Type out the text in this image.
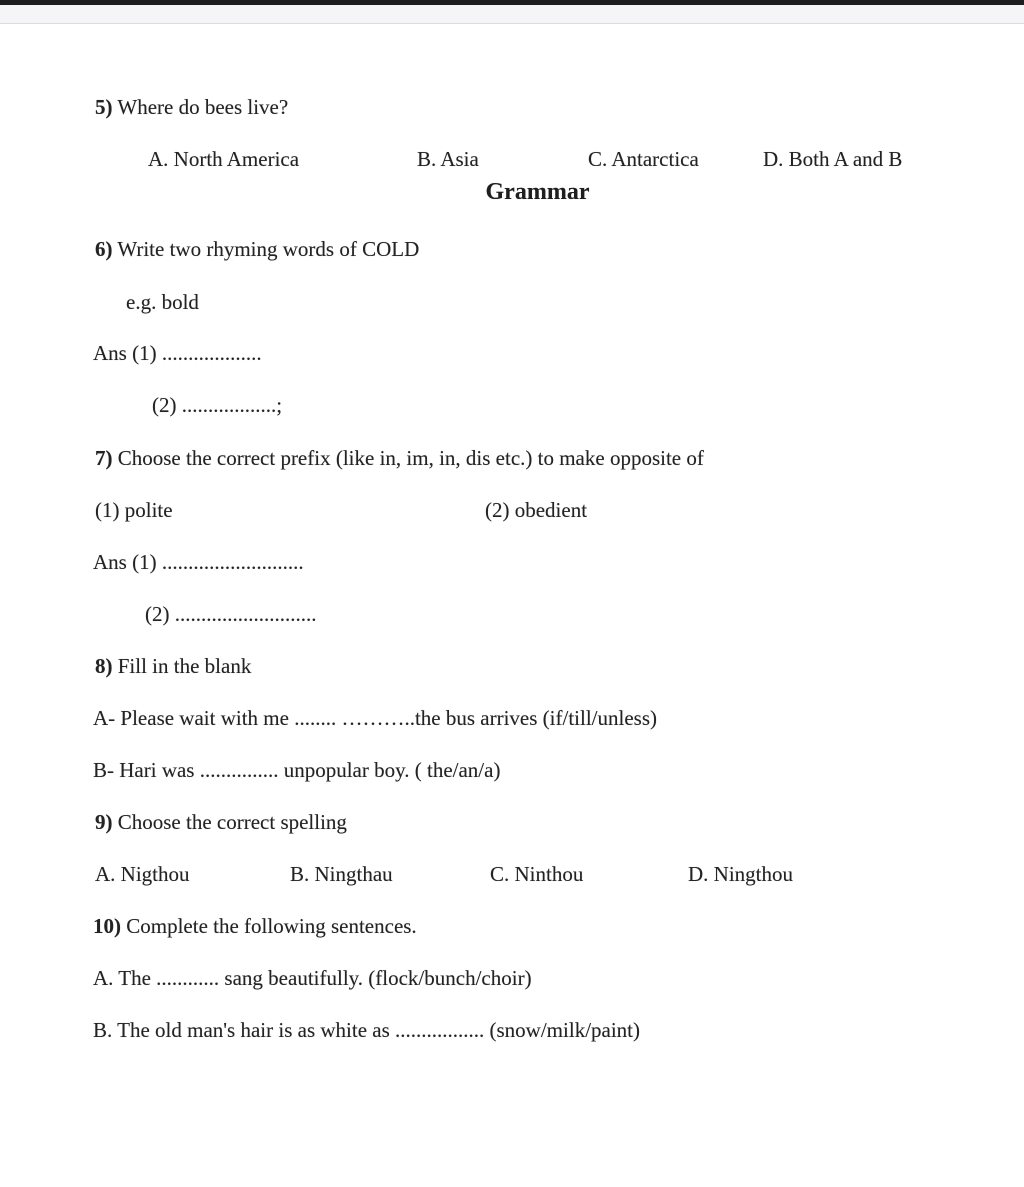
5) Where do bees live?
A. North America	B. Asia	C. Antarctica	D. Both A and B
Grammar
6) Write two rhyming words of COLD
e.g. bold
Ans (1) ...................
(2) ..................;
7) Choose the correct prefix (like in, im, in, dis etc.) to make opposite of
(1) polite	(2) obedient
Ans (1) ...........................
(2) ...........................
8) Fill in the blank
A- Please wait with me ........ ………..the bus arrives (if/till/unless)
B- Hari was ............... unpopular boy. ( the/an/a)
9) Choose the correct spelling
A. Nigthou	B. Ningthau	C. Ninthou	D. Ningthou
10) Complete the following sentences.
A. The ............ sang beautifully. (flock/bunch/choir)
B. The old man's hair is as white as ................. (snow/milk/paint)
